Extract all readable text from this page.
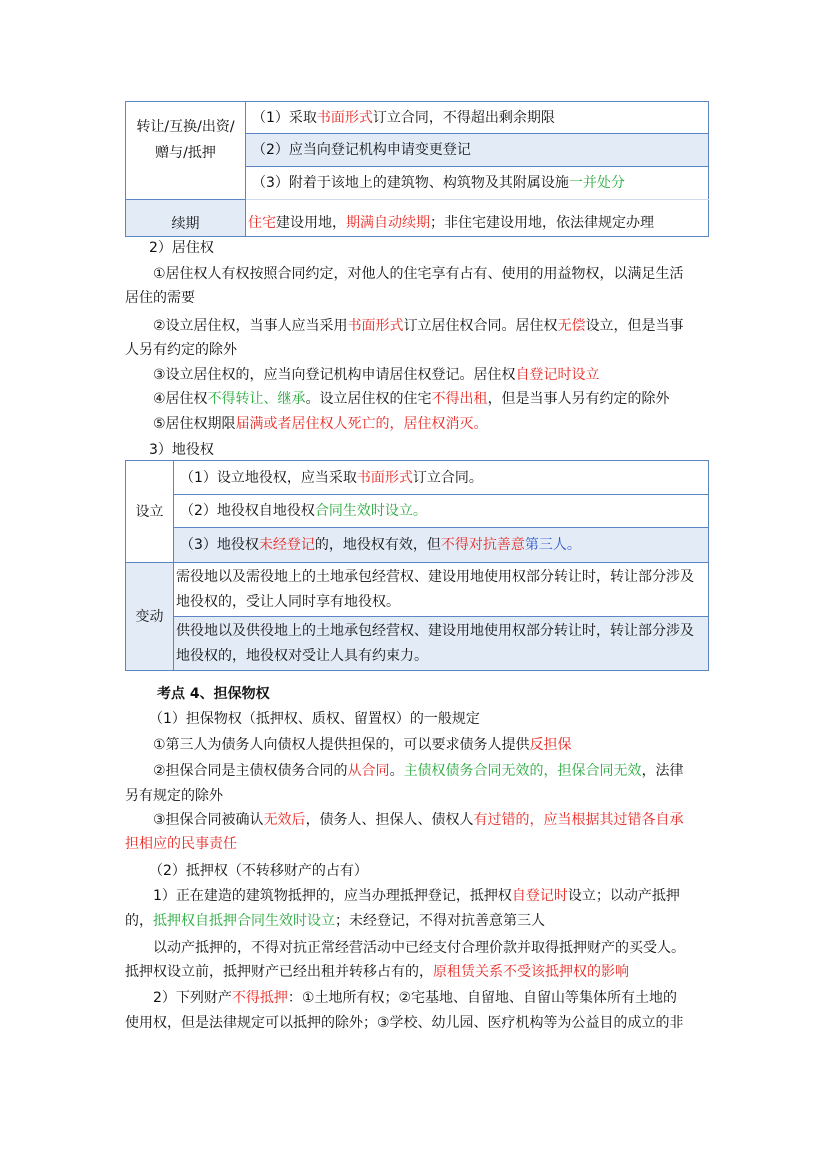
转让/互换/出资/赠与/抵押	（1）采取书面形式订立合同，不得超出剩余期限
	（2）应当向登记机构申请变更登记
	（3）附着于该地上的建筑物、构筑物及其附属设施一并处分
续期	住宅建设用地，期满自动续期；非住宅建设用地，依法律规定办理
2）居住权
①居住权人有权按照合同约定，对他人的住宅享有占有、使用的用益物权，以满足生活
居住的需要
②设立居住权，当事人应当采用书面形式订立居住权合同。居住权无偿设立，但是当事
人另有约定的除外
③设立居住权的，应当向登记机构申请居住权登记。居住权自登记时设立
④居住权不得转让、继承。设立居住权的住宅不得出租，但是当事人另有约定的除外
⑤居住权期限届满或者居住权人死亡的，居住权消灭。
3）地役权
设立	（1）设立地役权，应当采取书面形式订立合同。
	（2）地役权自地役权合同生效时设立。
	（3）地役权未经登记的，地役权有效，但不得对抗善意第三人。
变动	需役地以及需役地上的土地承包经营权、建设用地使用权部分转让时，转让部分涉及
地役权的，受让人同时享有地役权。
	供役地以及供役地上的土地承包经营权、建设用地使用权部分转让时，转让部分涉及
地役权的，地役权对受让人具有约束力。
考点 4、担保物权
（1）担保物权（抵押权、质权、留置权）的一般规定
①第三人为债务人向债权人提供担保的，可以要求债务人提供反担保
②担保合同是主债权债务合同的从合同。主债权债务合同无效的，担保合同无效，法律
另有规定的除外
③担保合同被确认无效后，债务人、担保人、债权人有过错的，应当根据其过错各自承
担相应的民事责任
（2）抵押权（不转移财产的占有）
1）正在建造的建筑物抵押的，应当办理抵押登记，抵押权自登记时设立；以动产抵押
的，抵押权自抵押合同生效时设立；未经登记，不得对抗善意第三人
以动产抵押的，不得对抗正常经营活动中已经支付合理价款并取得抵押财产的买受人。
抵押权设立前，抵押财产已经出租并转移占有的，原租赁关系不受该抵押权的影响
2）下列财产不得抵押：①土地所有权；②宅基地、自留地、自留山等集体所有土地的
使用权，但是法律规定可以抵押的除外；③学校、幼儿园、医疗机构等为公益目的成立的非
